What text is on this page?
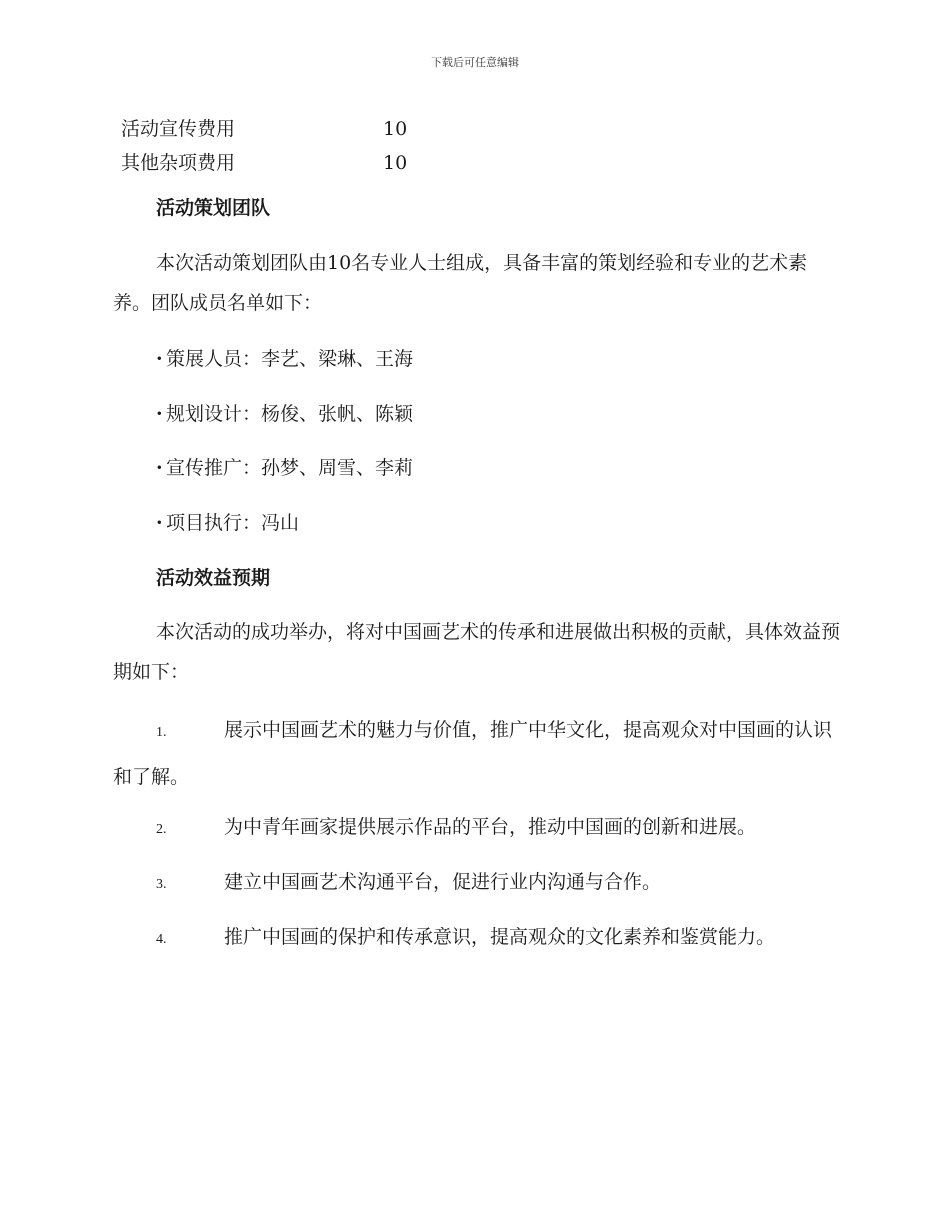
下载后可任意编辑
活动宣传费用	10
其他杂项费用	10
活动策划团队
本次活动策划团队由10名专业人士组成，具备丰富的策划经验和专业的艺术素养。团队成员名单如下：
· 策展人员：李艺、梁琳、王海
· 规划设计：杨俊、张帆、陈颖
· 宣传推广：孙梦、周雪、李莉
· 项目执行：冯山
活动效益预期
本次活动的成功举办，将对中国画艺术的传承和进展做出积极的贡献，具体效益预期如下：
1.	展示中国画艺术的魅力与价值，推广中华文化，提高观众对中国画的认识和了解。
2.	为中青年画家提供展示作品的平台，推动中国画的创新和进展。
3.	建立中国画艺术沟通平台，促进行业内沟通与合作。
4.	推广中国画的保护和传承意识，提高观众的文化素养和鉴赏能力。
